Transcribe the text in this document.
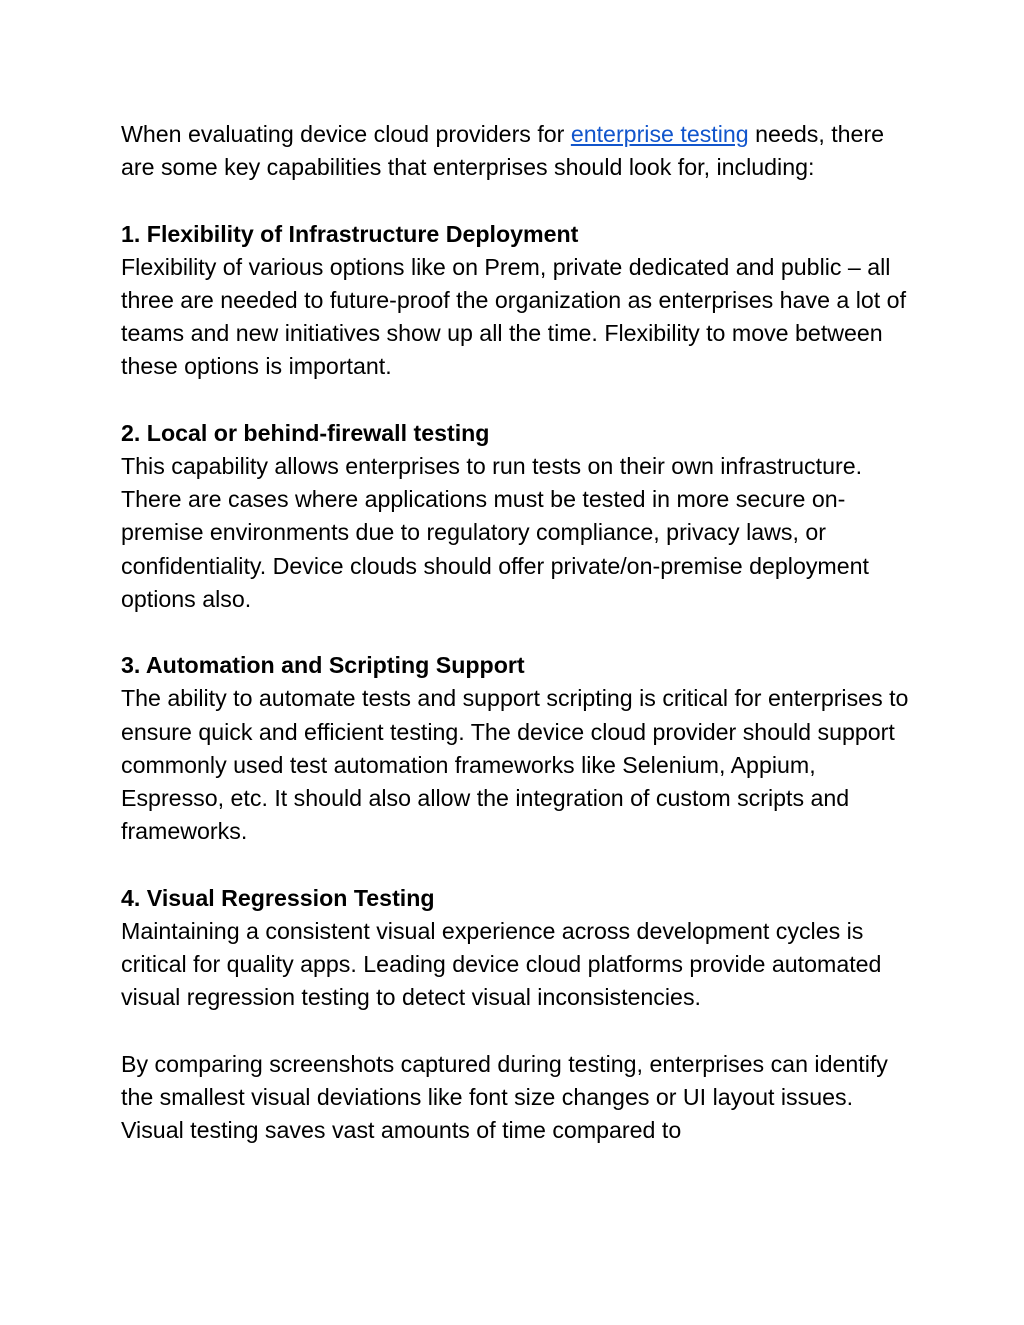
When evaluating device cloud providers for enterprise testing needs, there are some key capabilities that enterprises should look for, including:

1. Flexibility of Infrastructure Deployment

Flexibility of various options like on Prem, private dedicated and public – all three are needed to future-proof the organization as enterprises have a lot of teams and new initiatives show up all the time. Flexibility to move between these options is important.

2. Local or behind-firewall testing

This capability allows enterprises to run tests on their own infrastructure. There are cases where applications must be tested in more secure on-premise environments due to regulatory compliance, privacy laws, or confidentiality. Device clouds should offer private/on-premise deployment options also.

3. Automation and Scripting Support

The ability to automate tests and support scripting is critical for enterprises to ensure quick and efficient testing. The device cloud provider should support commonly used test automation frameworks like Selenium, Appium, Espresso, etc. It should also allow the integration of custom scripts and frameworks.

4. Visual Regression Testing

Maintaining a consistent visual experience across development cycles is critical for quality apps. Leading device cloud platforms provide automated visual regression testing to detect visual inconsistencies.

By comparing screenshots captured during testing, enterprises can identify the smallest visual deviations like font size changes or UI layout issues. Visual testing saves vast amounts of time compared to
